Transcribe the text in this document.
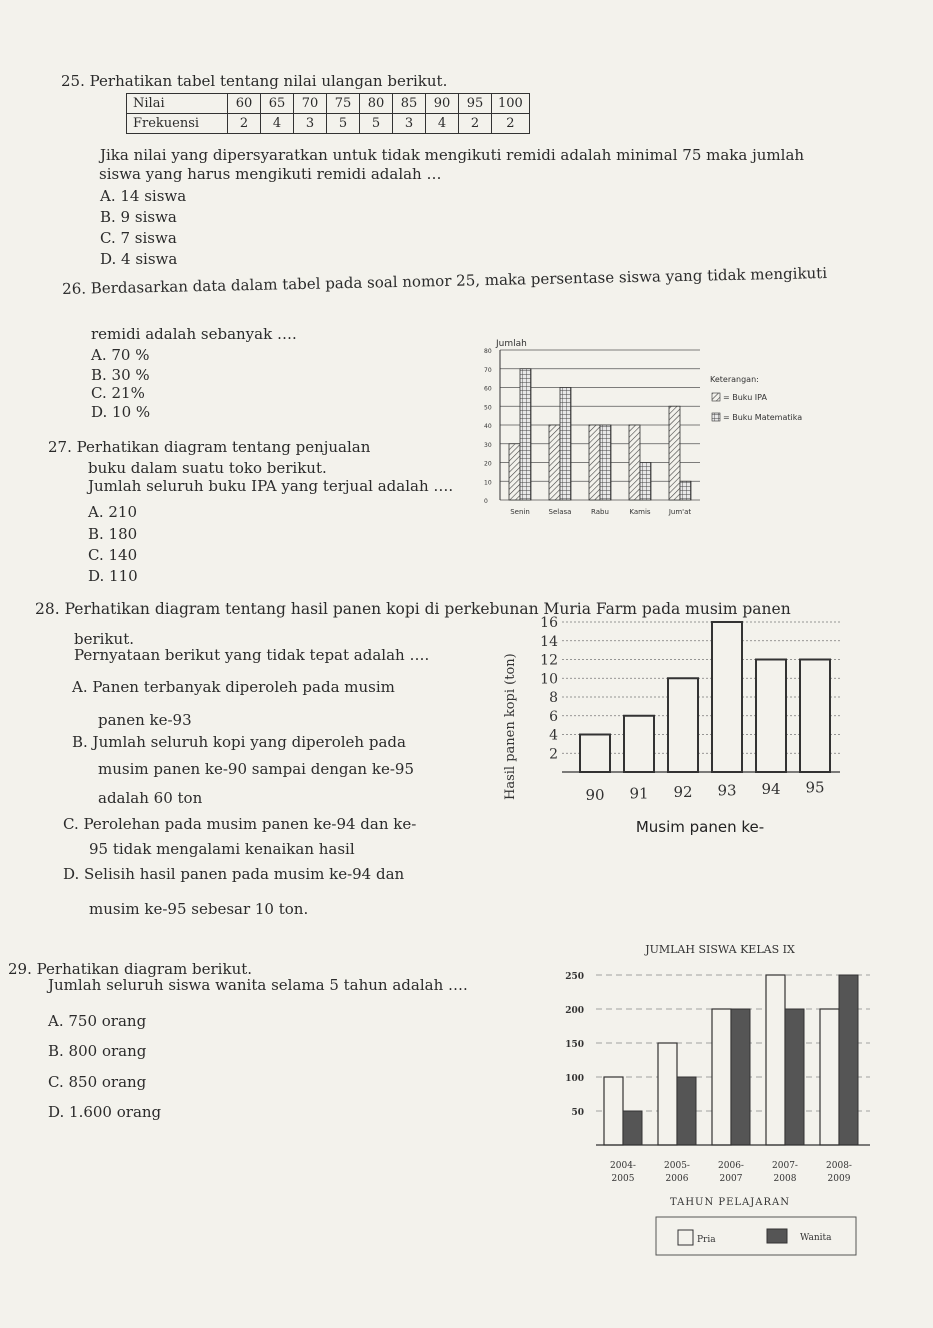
25. Perhatikan tabel tentang nilai ulangan berikut.
Nilai	60	65	70	75	80	85	90	95	100
Frekuensi	2	4	3	5	5	3	4	2	2
Jika nilai yang dipersyaratkan untuk tidak mengikuti remidi adalah minimal 75 maka jumlah
siswa yang harus mengikuti remidi adalah …
A. 14 siswa
B. 9 siswa
C. 7 siswa
D. 4 siswa
26. Berdasarkan data dalam tabel pada soal nomor 25, maka persentase siswa yang tidak mengikuti
remidi adalah sebanyak ….
A. 70 %
B. 30 %
C. 21%
D. 10 %
27. Perhatikan diagram tentang penjualan
buku dalam suatu toko berikut.
Jumlah seluruh buku IPA yang terjual adalah ….
A. 210
B. 180
C. 140
D. 110
Jumlah
0
10
20
30
40
50
60
70
80
Senin	Selasa	Rabu	Kamis	Jum'at
Keterangan:
= Buku IPA
= Buku Matematika
28. Perhatikan diagram tentang hasil panen kopi di perkebunan Muria Farm pada musim panen
berikut.
Pernyataan berikut yang tidak tepat adalah ….
A. Panen terbanyak diperoleh pada musim
panen ke-93
B. Jumlah seluruh kopi yang diperoleh pada
musim panen ke-90 sampai dengan ke-95
adalah 60 ton
C. Perolehan pada musim panen ke-94 dan ke-
95 tidak mengalami kenaikan hasil
D. Selisih hasil panen pada musim ke-94 dan
musim ke-95 sebesar 10 ton.
Hasil panen kopi (ton) 2
4
6
8
10
12
14
16
90 91 92 93 94 95
Musim panen ke-
29. Perhatikan diagram berikut.
Jumlah seluruh siswa wanita selama 5 tahun adalah ….
A. 750 orang
B. 800 orang
C. 850 orang
D. 1.600 orang
JUMLAH SISWA KELAS IX
50
100
150
200
250
2004-
2005
2005-
2006
2006-
2007
2007-
2008
2008-
2009
TAHUN PELAJARAN
Pria	Wanita
